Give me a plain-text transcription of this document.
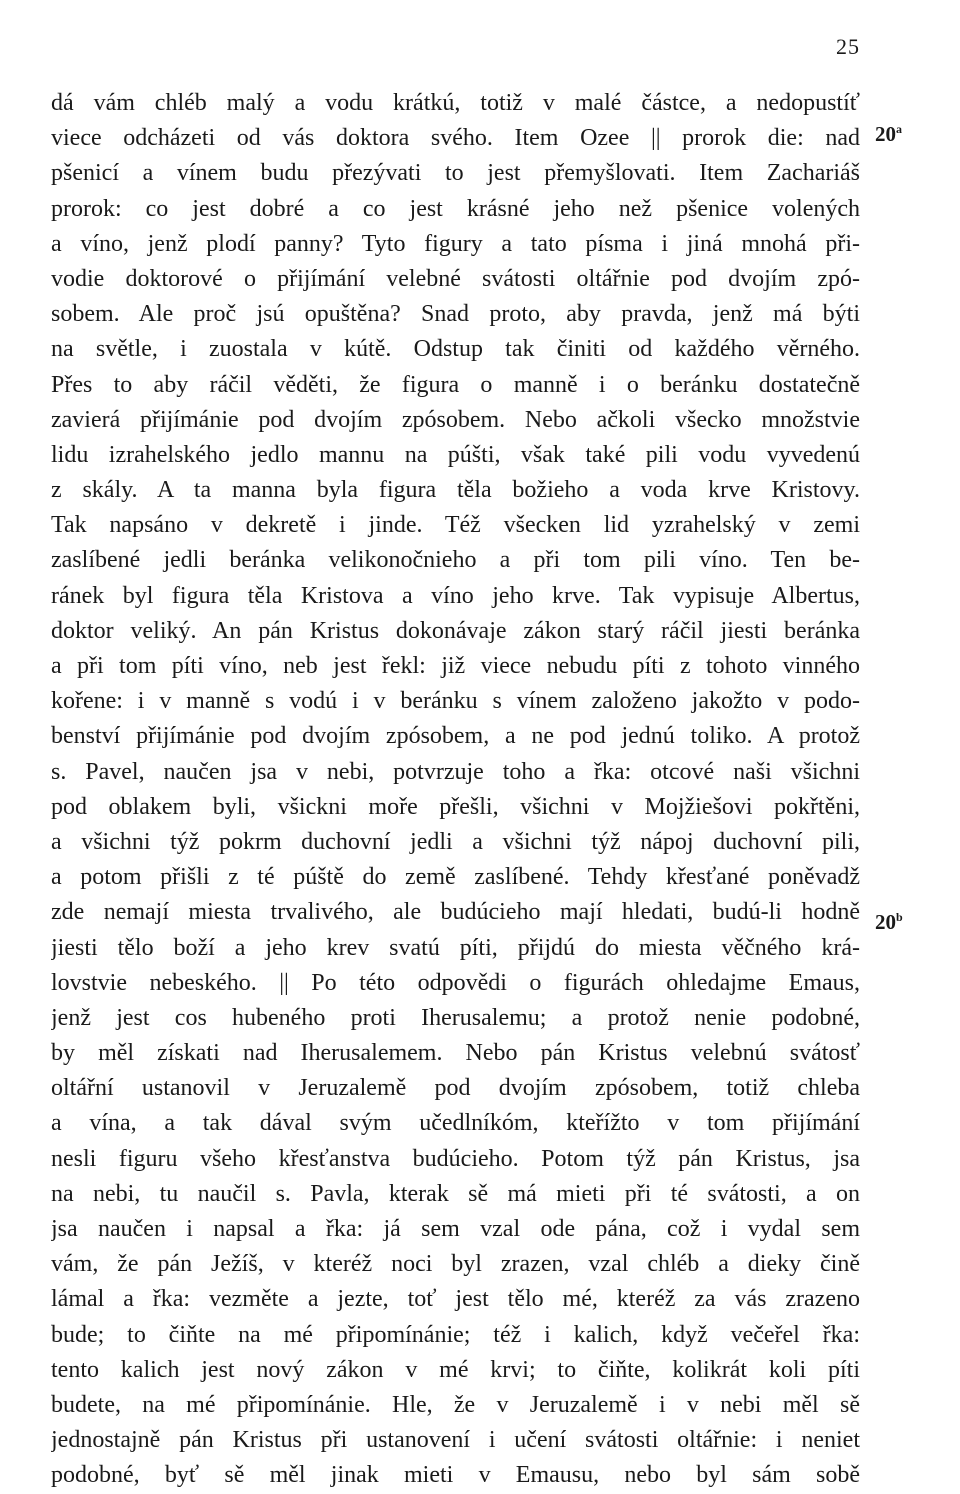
25
20$^a$
20$^b$
dá vám chléb malý a vodu krátkú, totiž v malé částce, a nedopustíť
viece odcházeti od vás doktora svého. Item Ozee || prorok die: nad
pšenicí a vínem budu přezývati to jest přemyšlovati. Item Zachariáš
prorok: co jest dobré a co jest krásné jeho než pšenice volených
a víno, jenž plodí panny? Tyto figury a tato písma i jiná mnohá při-
vodie doktorové o přijímání velebné svátosti oltářnie pod dvojím zpó-
sobem. Ale proč jsú opuštěna? Snad proto, aby pravda, jenž má býti
na světle, i zuostala v kútě. Odstup tak činiti od každého věrného.
Přes to aby ráčil věděti, že figura o manně i o beránku dostatečně
zavierá přijímánie pod dvojím zpósobem. Nebo ačkoli všecko množstvie
lidu izrahelského jedlo mannu na púšti, však také pili vodu vyvedenú
z skály. A ta manna byla figura těla božieho a voda krve Kristovy.
Tak napsáno v dekretě i jinde. Též všecken lid yzrahelský v zemi
zaslíbené jedli beránka velikonočnieho a při tom pili víno. Ten be-
ránek byl figura těla Kristova a víno jeho krve. Tak vypisuje Albertus,
doktor veliký. An pán Kristus dokonávaje zákon starý ráčil jiesti beránka
a při tom píti víno, neb jest řekl: již viece nebudu píti z tohoto vinného
kořene: i v manně s vodú i v beránku s vínem založeno jakožto v podo-
benství přijímánie pod dvojím zpósobem, a ne pod jednú toliko. A protož
s. Pavel, naučen jsa v nebi, potvrzuje toho a řka: otcové naši všichni
pod oblakem byli, všickni moře přešli, všichni v Mojžiešovi pokřtěni,
a všichni týž pokrm duchovní jedli a všichni týž nápoj duchovní pili,
a potom přišli z té púště do země zaslíbené. Tehdy křesťané poněvadž
zde nemají miesta trvalivého, ale budúcieho mají hledati, budú-li hodně
jiesti tělo boží a jeho krev svatú píti, přijdú do miesta věčného krá-
lovstvie nebeského. || Po této odpovědi o figurách ohledajme Emaus,
jenž jest cos hubeného proti Iherusalemu; a protož nenie podobné,
by měl získati nad Iherusalemem. Nebo pán Kristus velebnú svátosť
oltářní ustanovil v Jeruzalemě pod dvojím zpósobem, totiž chleba
a vína, a tak dával svým učedlníkóm, kteřížto v tom přijímání
nesli figuru všeho křesťanstva budúcieho. Potom týž pán Kristus, jsa
na nebi, tu naučil s. Pavla, kterak sě má mieti při té svátosti, a on
jsa naučen i napsal a řka: já sem vzal ode pána, což i vydal sem
vám, že pán Ježíš, v kteréž noci byl zrazen, vzal chléb a dieky čině
lámal a řka: vezměte a jezte, toť jest tělo mé, kteréž za vás zrazeno
bude; to čiňte na mé připomínánie; též i kalich, když večeřel řka:
tento kalich jest nový zákon v mé krvi; to čiňte, kolikrát koli píti
budete, na mé připomínánie. Hle, že v Jeruzalemě i v nebi měl sě
jednostajně pán Kristus při ustanovení i učení svátosti oltářnie: i neniet
podobné, byť sě měl jinak mieti v Emausu, nebo byl sám sobě
